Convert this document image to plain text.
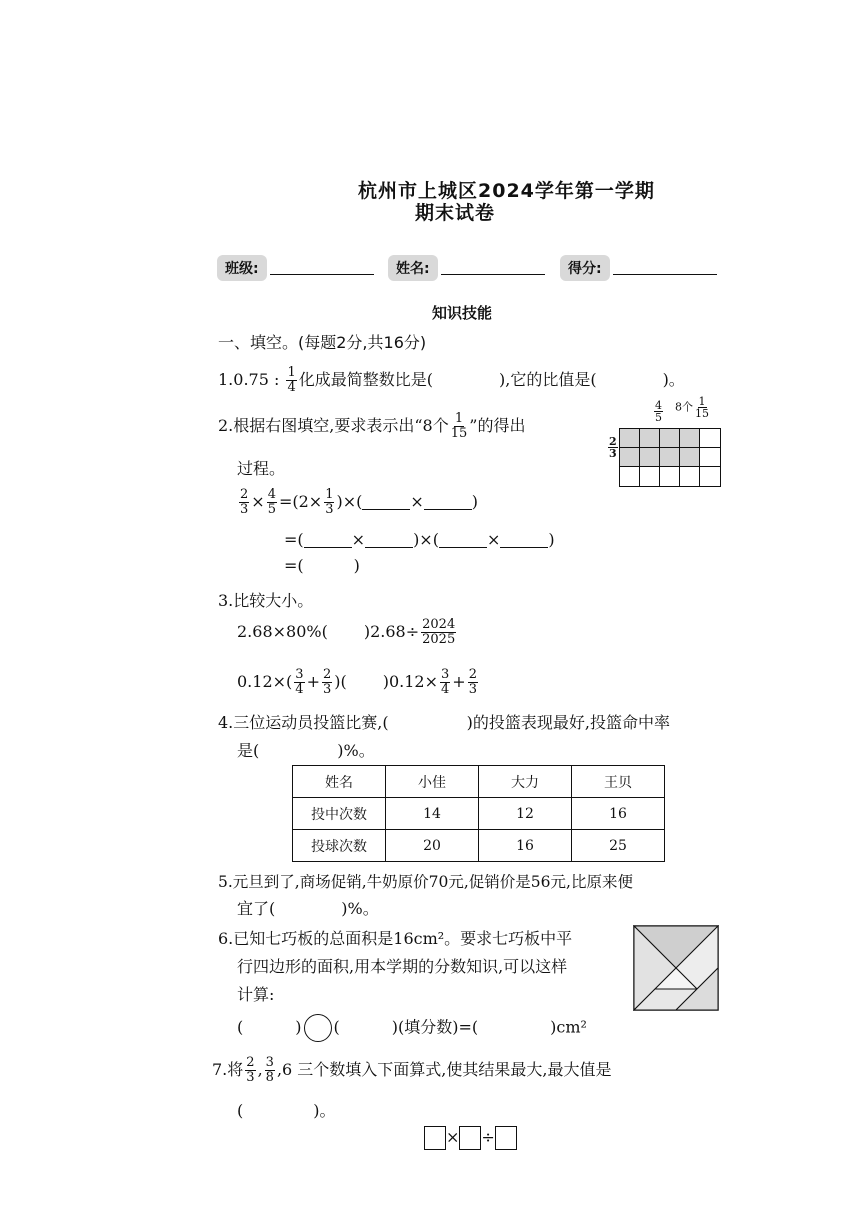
杭州市上城区2024学年第一学期
期末试卷
班级:	姓名:	得分:
知识技能
一、填空。(每题2分,共16分)
1.0.75 : $\frac{1}{4}$ 化成最简整数比是(	),它的比值是(	)。
2.根据右图填空,要求表示出“8个 $\frac{1}{15}$ ”的得出
过程。
$\frac{2}{3} \times \frac{4}{5} =(2\times \frac{1}{3}$ )×(	×	)
=(	×	)×(	×	)
=(	)
8个 $\frac{1}{15}$
$\frac{4}{5}$
$\frac{2}{3}$
3.比较大小。
2.68×80%( )$2.68\div \frac{2024}{2025}$
$0.12\times( \frac{3}{4} + \frac{2}{3}$ )( )$0.12\times \frac{3}{4} + \frac{2}{3}$
4.三位运动员投篮比赛,(	)的投篮表现最好,投篮命中率
是(	)%。
姓名	小佳	大力	王贝
投中次数	14	12	16
投球次数	20	16	25
5.元旦到了,商场促销,牛奶原价70元,促销价是56元,比原来便
宜了(	)%。
6.已知七巧板的总面积是16cm²。要求七巧板中平
行四边形的面积,用本学期的分数知识,可以这样
计算:
(	) (	)(填分数)=(	)cm²
7.将 $\frac{2}{3}$ , $\frac{3}{8} ,6$ 三个数填入下面算式,使其结果最大,最大值是
(	)。
× ÷
